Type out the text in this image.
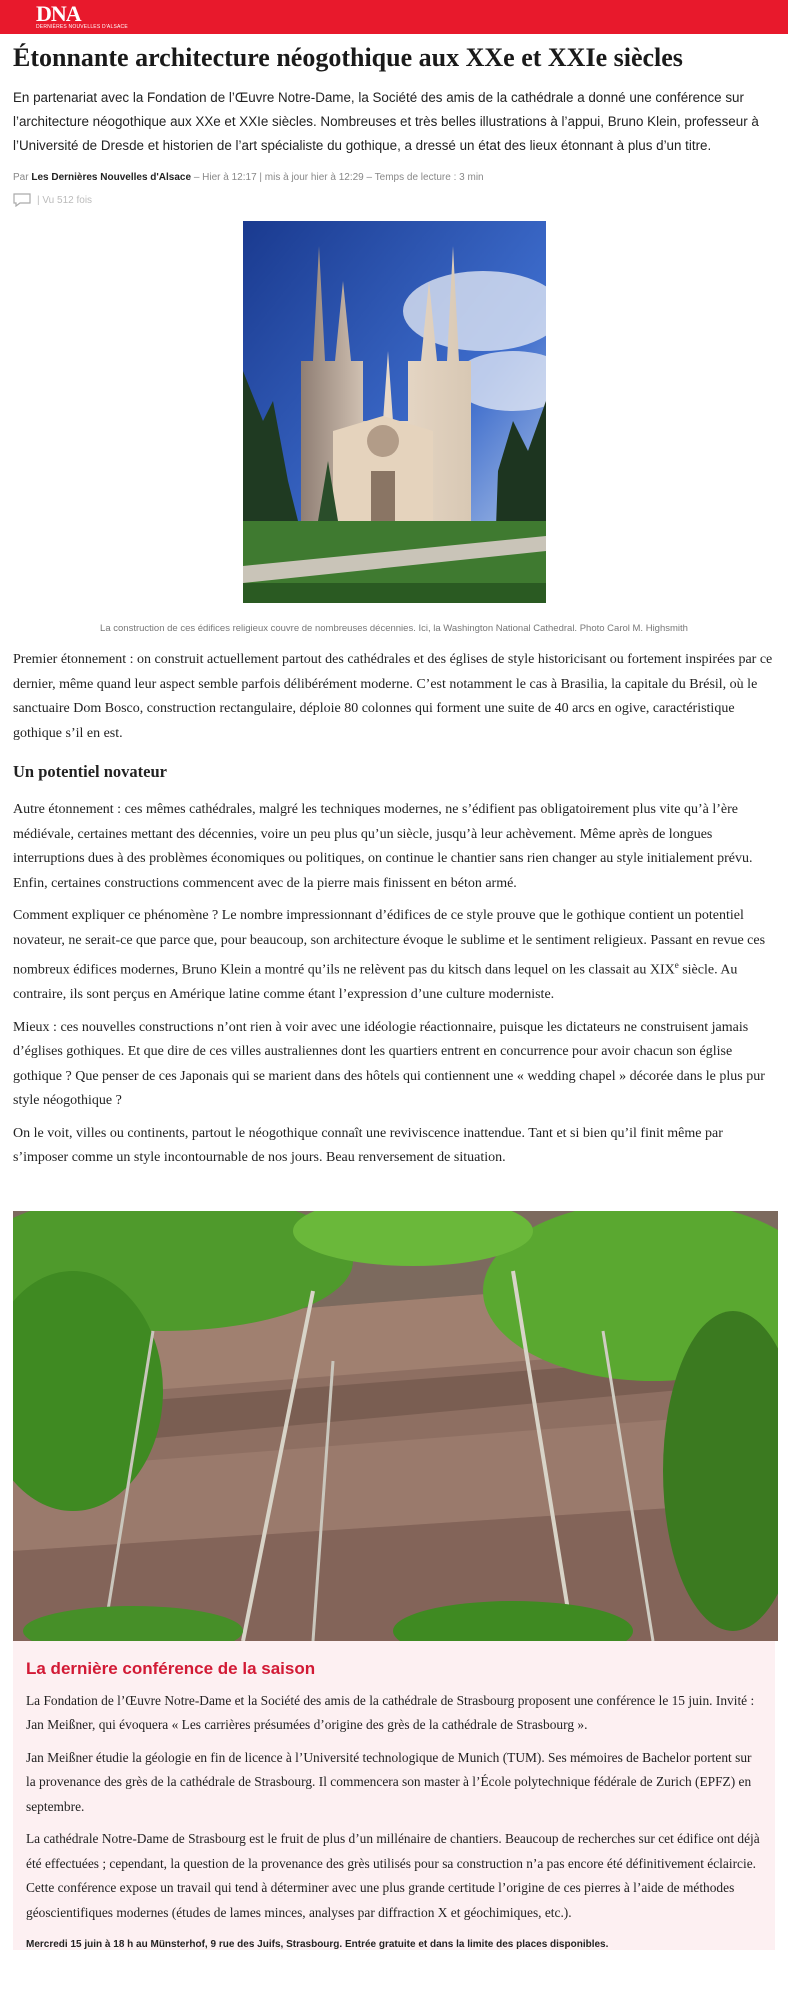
DNA
DERNIÈRES NOUVELLES D'ALSACE
Étonnante architecture néogothique aux XXe et XXIe siècles

En partenariat avec la Fondation de l’Œuvre Notre-Dame, la Société des amis de la cathédrale a donné une conférence sur l’architecture néogothique aux XXe et XXIe siècles. Nombreuses et très belles illustrations à l’appui, Bruno Klein, professeur à l’Université de Dresde et historien de l’art spécialiste du gothique, a dressé un état des lieux étonnant à plus d’un titre.

Par Les Dernières Nouvelles d'Alsace – Hier à 12:17 | mis à jour hier à 12:29 – Temps de lecture : 3 min
| Vu 512 fois
La construction de ces édifices religieux couvre de nombreuses décennies. Ici, la Washington National Cathedral. Photo Carol M. Highsmith

Premier étonnement : on construit actuellement partout des cathédrales et des églises de style historicisant ou fortement inspirées par ce dernier, même quand leur aspect semble parfois délibérément moderne. C’est notamment le cas à Brasilia, la capitale du Brésil, où le sanctuaire Dom Bosco, construction rectangulaire, déploie 80 colonnes qui forment une suite de 40 arcs en ogive, caractéristique gothique s’il en est.

Un potentiel novateur

Autre étonnement : ces mêmes cathédrales, malgré les techniques modernes, ne s’édifient pas obligatoirement plus vite qu’à l’ère médiévale, certaines mettant des décennies, voire un peu plus qu’un siècle, jusqu’à leur achèvement. Même après de longues interruptions dues à des problèmes économiques ou politiques, on continue le chantier sans rien changer au style initialement prévu. Enfin, certaines constructions commencent avec de la pierre mais finissent en béton armé.

Comment expliquer ce phénomène ? Le nombre impressionnant d’édifices de ce style prouve que le gothique contient un potentiel novateur, ne serait-ce que parce que, pour beaucoup, son architecture évoque le sublime et le sentiment religieux. Passant en revue ces nombreux édifices modernes, Bruno Klein a montré qu’ils ne relèvent pas du kitsch dans lequel on les classait au XIXe siècle. Au contraire, ils sont perçus en Amérique latine comme étant l’expression d’une culture moderniste.

Mieux : ces nouvelles constructions n’ont rien à voir avec une idéologie réactionnaire, puisque les dictateurs ne construisent jamais d’églises gothiques. Et que dire de ces villes australiennes dont les quartiers entrent en concurrence pour avoir chacun son église gothique ? Que penser de ces Japonais qui se marient dans des hôtels qui contiennent une « wedding chapel » décorée dans le plus pur style néogothique ?

On le voit, villes ou continents, partout le néogothique connaît une reviviscence inattendue. Tant et si bien qu’il finit même par s’imposer comme un style incontournable de nos jours. Beau renversement de situation.

La dernière conférence de la saison

La Fondation de l’Œuvre Notre-Dame et la Société des amis de la cathédrale de Strasbourg proposent une conférence le 15 juin. Invité : Jan Meißner, qui évoquera « Les carrières présumées d’origine des grès de la cathédrale de Strasbourg ».

Jan Meißner étudie la géologie en fin de licence à l’Université technologique de Munich (TUM). Ses mémoires de Bachelor portent sur la provenance des grès de la cathédrale de Strasbourg. Il commencera son master à l’École polytechnique fédérale de Zurich (EPFZ) en septembre.

La cathédrale Notre-Dame de Strasbourg est le fruit de plus d’un millénaire de chantiers. Beaucoup de recherches sur cet édifice ont déjà été effectuées ; cependant, la question de la provenance des grès utilisés pour sa construction n’a pas encore été définitivement éclaircie. Cette conférence expose un travail qui tend à déterminer avec une plus grande certitude l’origine de ces pierres à l’aide de méthodes géoscientifiques modernes (études de lames minces, analyses par diffraction X et géochimiques, etc.).

Mercredi 15 juin à 18 h au Münsterhof, 9 rue des Juifs, Strasbourg. Entrée gratuite et dans la limite des places disponibles.
